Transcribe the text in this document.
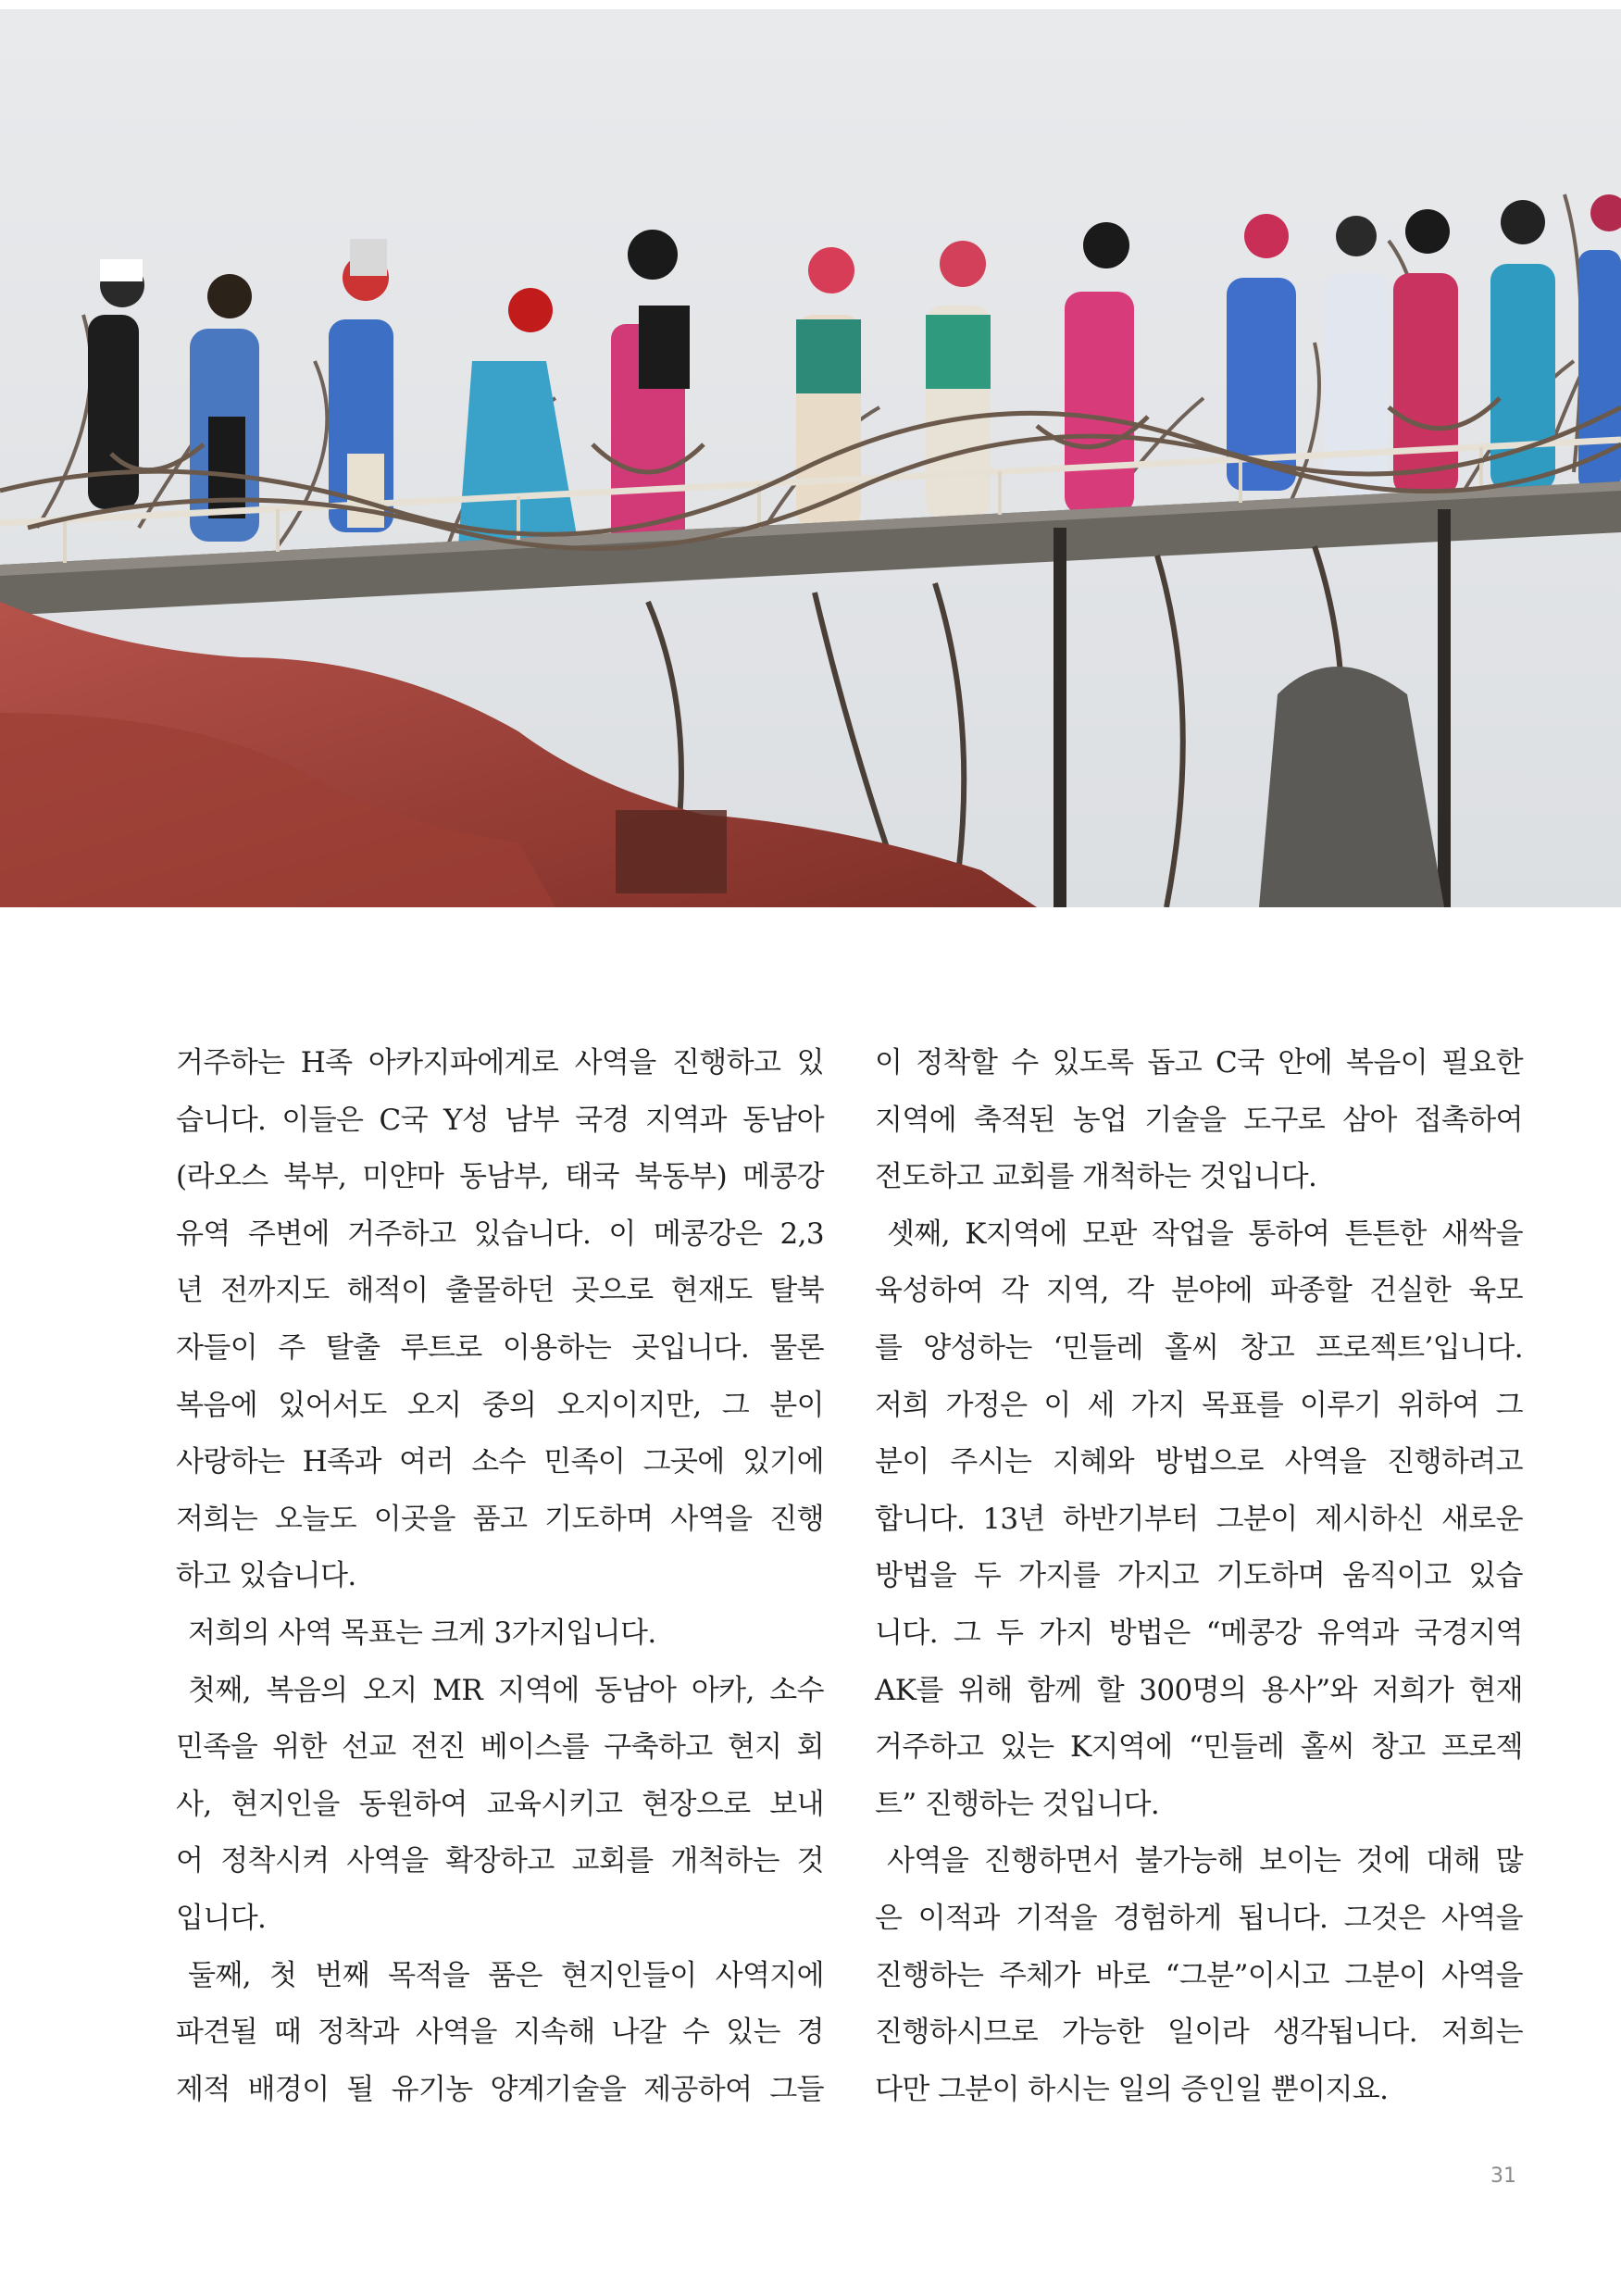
거주하는 H족 아카지파에게로 사역을 진행하고 있

습니다. 이들은 C국 Y성 남부 국경 지역과 동남아

(라오스 북부, 미얀마 동남부, 태국 북동부) 메콩강

유역 주변에 거주하고 있습니다. 이 메콩강은 2,3

년 전까지도 해적이 출몰하던 곳으로 현재도 탈북

자들이 주 탈출 루트로 이용하는 곳입니다. 물론

복음에 있어서도 오지 중의 오지이지만, 그 분이

사랑하는 H족과 여러 소수 민족이 그곳에 있기에

저희는 오늘도 이곳을 품고 기도하며 사역을 진행

하고 있습니다.

저희의 사역 목표는 크게 3가지입니다.

첫째, 복음의 오지 MR 지역에 동남아 아카, 소수

민족을 위한 선교 전진 베이스를 구축하고 현지 회

사, 현지인을 동원하여 교육시키고 현장으로 보내

어 정착시켜 사역을 확장하고 교회를 개척하는 것

입니다.

둘째, 첫 번째 목적을 품은 현지인들이 사역지에

파견될 때 정착과 사역을 지속해 나갈 수 있는 경

제적 배경이 될 유기농 양계기술을 제공하여 그들

이 정착할 수 있도록 돕고 C국 안에 복음이 필요한

지역에 축적된 농업 기술을 도구로 삼아 접촉하여

전도하고 교회를 개척하는 것입니다.

셋째, K지역에 모판 작업을 통하여 튼튼한 새싹을

육성하여 각 지역, 각 분야에 파종할 건실한 육모

를 양성하는 ‘민들레 홀씨 창고 프로젝트’입니다.

저희 가정은 이 세 가지 목표를 이루기 위하여 그

분이 주시는 지혜와 방법으로 사역을 진행하려고

합니다. 13년 하반기부터 그분이 제시하신 새로운

방법을 두 가지를 가지고 기도하며 움직이고 있습

니다. 그 두 가지 방법은 “메콩강 유역과 국경지역

AK를 위해 함께 할 300명의 용사”와 저희가 현재

거주하고 있는 K지역에 “민들레 홀씨 창고 프로젝

트” 진행하는 것입니다.

사역을 진행하면서 불가능해 보이는 것에 대해 많

은 이적과 기적을 경험하게 됩니다. 그것은 사역을

진행하는 주체가 바로 “그분”이시고 그분이 사역을

진행하시므로 가능한 일이라 생각됩니다. 저희는

다만 그분이 하시는 일의 증인일 뿐이지요.

31
